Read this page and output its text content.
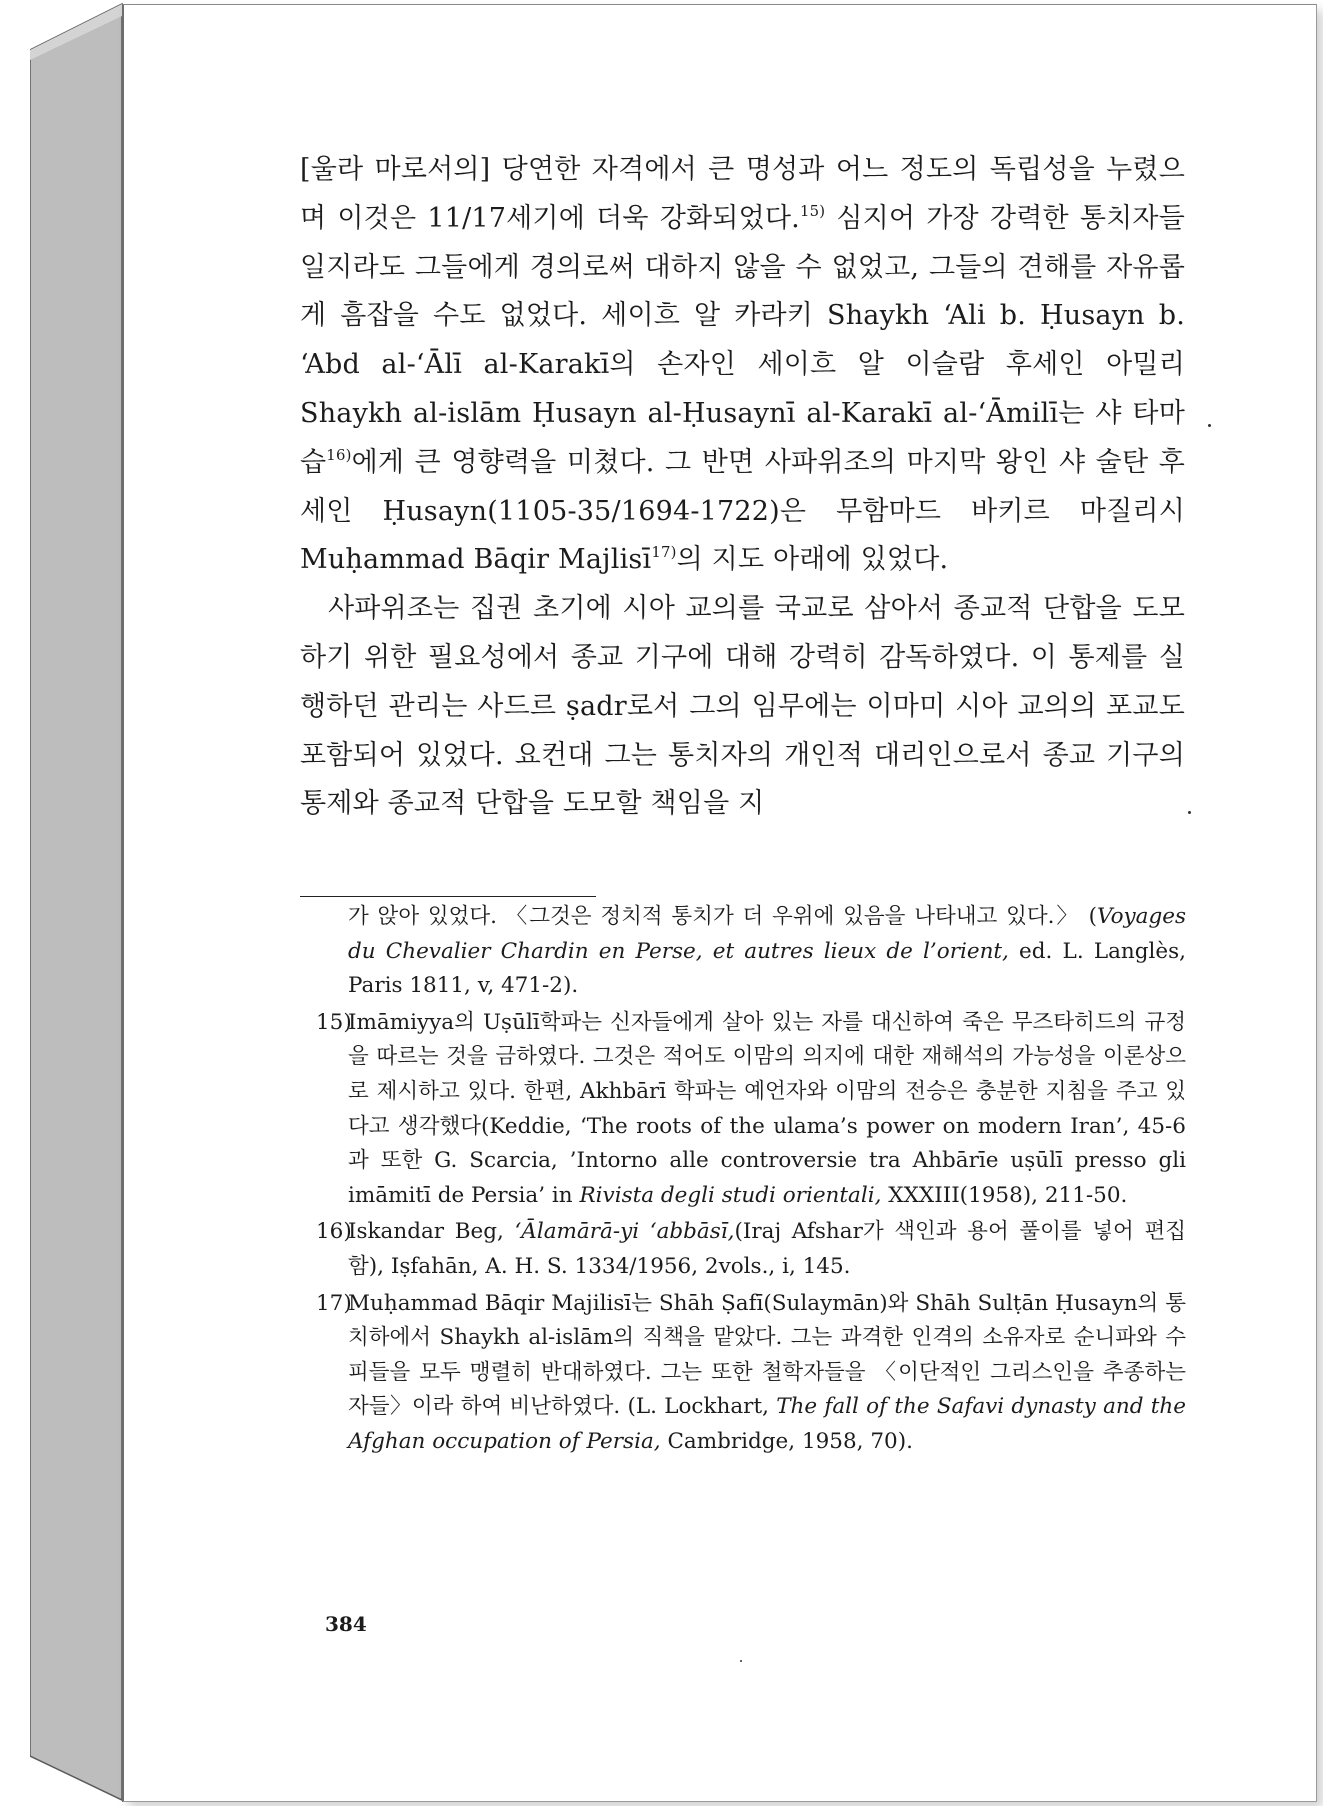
[울라 마로서의] 당연한 자격에서 큰 명성과 어느 정도의 독립성을 누렸으며 이것은 11/17세기에 더욱 강화되었다.$^{15)}$ 심지어 가장 강력한 통치자들일지라도 그들에게 경의로써 대하지 않을 수 없었고, 그들의 견해를 자유롭게 흠잡을 수도 없었다. 세이흐 알 카라키 Shaykh ‘Ali b. Ḥusayn b. ‘Abd al-‘Ālī al-Karakī의 손자인 세이흐 알 이슬람 후세인 아밀리 Shaykh al-islām Ḥusayn al-Ḥusaynī al-Karakī al-‘Āmilī는 샤 타마습$^{16)}$에게 큰 영향력을 미쳤다. 그 반면 사파위조의 마지막 왕인 샤 술탄 후세인 Ḥusayn(1105-35/1694-1722)은 무함마드 바키르 마질리시 Muḥammad Bāqir Majlisī$^{17)}$의 지도 아래에 있었다.

사파위조는 집권 초기에 시아 교의를 국교로 삼아서 종교적 단합을 도모하기 위한 필요성에서 종교 기구에 대해 강력히 감독하였다. 이 통제를 실행하던 관리는 사드르 ṣadr로서 그의 임무에는 이마미 시아 교의의 포교도 포함되어 있었다. 요컨대 그는 통치자의 개인적 대리인으로서 종교 기구의 통제와 종교적 단합을 도모할 책임을 지

가 앉아 있었다. 〈그것은 정치적 통치가 더 우위에 있음을 나타내고 있다.〉 (Voyages du Chevalier Chardin en Perse, et autres lieux de l’orient, ed. L. Langlès, Paris 1811, v, 471-2).
15)
Imāmiyya의 Uṣūlī학파는 신자들에게 살아 있는 자를 대신하여 죽은 무즈타히드의 규정을 따르는 것을 금하였다. 그것은 적어도 이맘의 의지에 대한 재해석의 가능성을 이론상으로 제시하고 있다. 한편, Akhbārī 학파는 예언자와 이맘의 전승은 충분한 지침을 주고 있다고 생각했다(Keddie, ‘The roots of the ulama’s power on modern Iran’, 45-6과 또한 G. Scarcia, ’Intorno alle controversie tra Ahbārīe uṣūlī presso gli imāmitī de Persia’ in Rivista degli studi orientali, XXXIII(1958), 211-50.
16)
Iskandar Beg, ‘Ālamārā-yi ‘abbāsī,(Iraj Afshar가 색인과 용어 풀이를 넣어 편집함), Iṣfahān, A. H. S. 1334/1956, 2vols., i, 145.
17)
Muḥammad Bāqir Majilisī는 Shāh Ṣafī(Sulaymān)와 Shāh Sulṭān Ḥusayn의 통치하에서 Shaykh al-islām의 직책을 맡았다. 그는 과격한 인격의 소유자로 순니파와 수피들을 모두 맹렬히 반대하였다. 그는 또한 철학자들을 〈이단적인 그리스인을 추종하는 자들〉이라 하여 비난하였다. (L. Lockhart, The fall of the Safavi dynasty and the Afghan occupation of Persia, Cambridge, 1958, 70).
384
